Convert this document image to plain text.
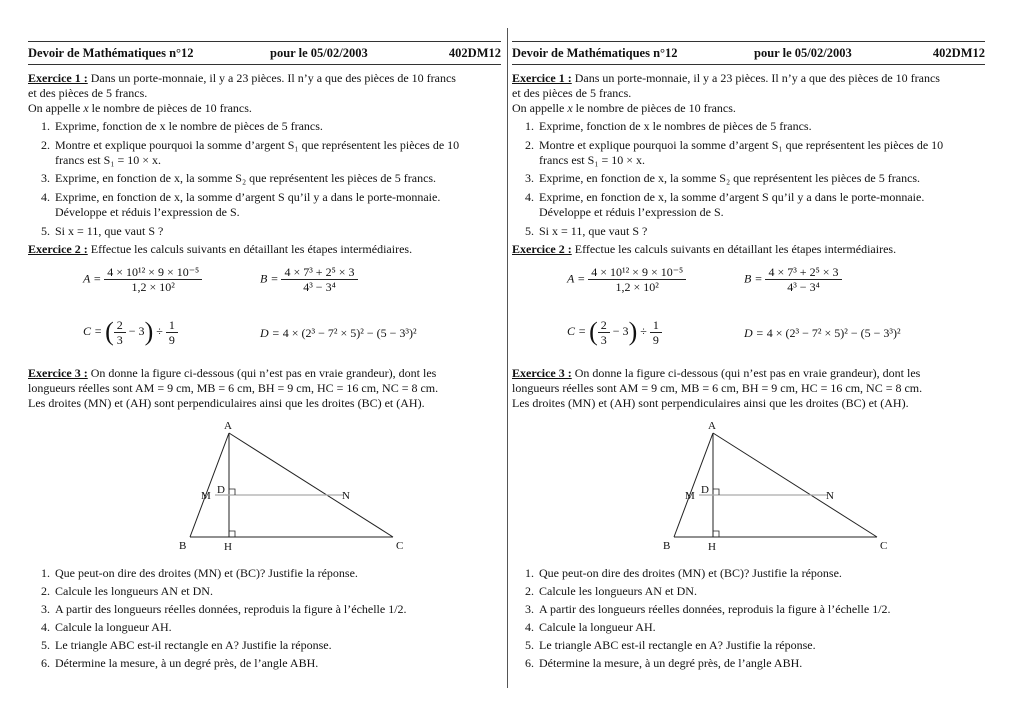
Devoir de Mathématiques n°12	pour le 05/02/2003	402DM12
Exercice 1 : Dans un porte-monnaie, il y a 23 pièces. Il n’y a que des pièces de 10 francs
et des pièces de 5 francs.
On appelle x le nombre de pièces de 10 francs.
1. Exprime, fonction de x le nombre de pièces de 5 francs.
2. Montre et explique pourquoi la somme d’argent S₁ que représentent les pièces de 10
francs est S₁ = 10 × x.
3. Exprime, en fonction de x, la somme S₂ que représentent les pièces de 5 francs.
4. Exprime, en fonction de x, la somme d’argent S qu’il y a dans le porte-monnaie.
Développe et réduis l’expression de S.
5. Si x = 11, que vaut S ?
Exercice 2 : Effectue les calculs suivants en détaillant les étapes intermédiaires.
$A = \frac{\text{4 × 10¹² × 9 × 10⁻⁵}}{\text{1,2 × 10²}}$	$B = \frac{\text{4 × 7³ + 2⁵ × 3}}{\text{4³ − 3⁴}}$
C = ( $\frac{2}{3} - 3) \div \frac{1}{9}$	D = 4 × (2³ − 7² × 5)² − (5 − 3³)²
Exercice 3 : On donne la figure ci-dessous (qui n’est pas en vraie grandeur), dont les
longueurs réelles sont AM = 9 cm, MB = 6 cm, BH = 9 cm, HC = 16 cm, NC = 8 cm.
Les droites (MN) et (AH) sont perpendiculaires ainsi que les droites (BC) et (AH).
A
B	C
D
H
M	N
1. Que peut-on dire des droites (MN) et (BC)? Justifie la réponse.
2. Calcule les longueurs AN et DN.
3. A partir des longueurs réelles données, reproduis la figure à l’échelle 1/2.
4. Calcule la longueur AH.
5. Le triangle ABC est-il rectangle en A? Justifie la réponse.
6. Détermine la mesure, à un degré près, de l’angle ABH.
Devoir de Mathématiques n°12	pour le 05/02/2003	402DM12
Exercice 1 : Dans un porte-monnaie, il y a 23 pièces. Il n’y a que des pièces de 10 francs
et des pièces de 5 francs.
On appelle x le nombre de pièces de 10 francs.
1. Exprime, fonction de x le nombres de pièces de 5 francs.
2. Montre et explique pourquoi la somme d’argent S₁ que représentent les pièces de 10
francs est S₁ = 10 × x.
3. Exprime, en fonction de x, la somme S₂ que représentent les pièces de 5 francs.
4. Exprime, en fonction de x, la somme d’argent S qu’il y a dans le porte-monnaie.
Développe et réduis l’expression de S.
5. Si x = 11, que vaut S ?
Exercice 2 : Effectue les calculs suivants en détaillant les étapes intermédiaires.
$A = \frac{\text{4 × 10¹² × 9 × 10⁻⁵}}{\text{1,2 × 10²}}$	$B = \frac{\text{4 × 7³ + 2⁵ × 3}}{\text{4³ − 3⁴}}$
C = ( $\frac{2}{3} - 3) \div \frac{1}{9}$	D = 4 × (2³ − 7² × 5)² − (5 − 3³)²
Exercice 3 : On donne la figure ci-dessous (qui n’est pas en vraie grandeur), dont les
longueurs réelles sont AM = 9 cm, MB = 6 cm, BH = 9 cm, HC = 16 cm, NC = 8 cm.
Les droites (MN) et (AH) sont perpendiculaires ainsi que les droites (BC) et (AH).
A
B	C
D
H
M	N
1. Que peut-on dire des droites (MN) et (BC)? Justifie la réponse.
2. Calcule les longueurs AN et DN.
3. A partir des longueurs réelles données, reproduis la figure à l’échelle 1/2.
4. Calcule la longueur AH.
5. Le triangle ABC est-il rectangle en A? Justifie la réponse.
6. Détermine la mesure, à un degré près, de l’angle ABH.
